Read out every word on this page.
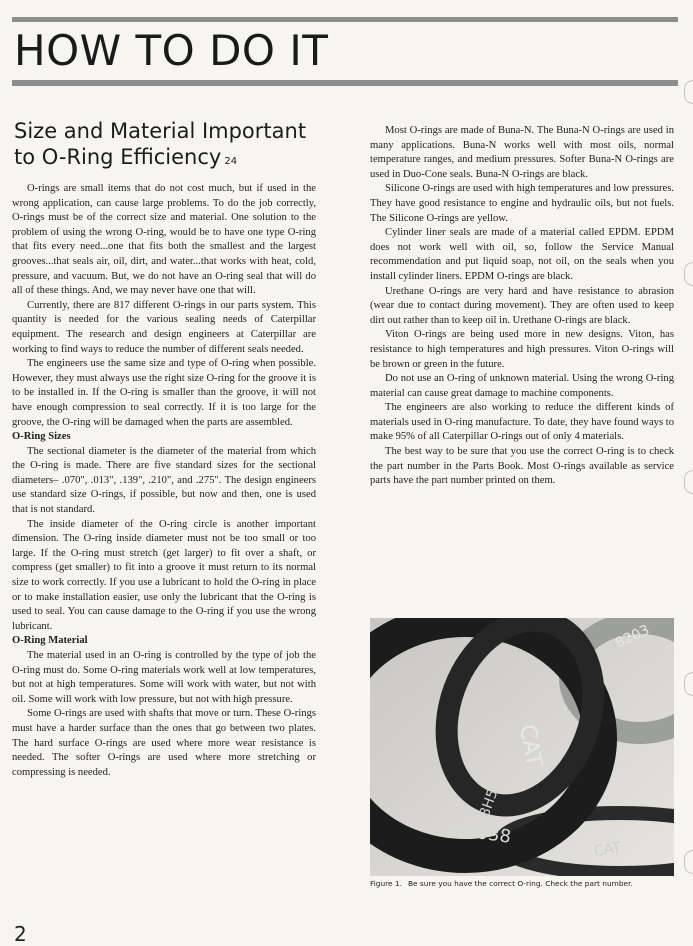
HOW TO DO IT
Size and Material Important to O-Ring Efficiency 24

O-rings are small items that do not cost much, but if used in the wrong application, can cause large problems. To do the job correctly, O-rings must be of the correct size and material. One solution to the problem of using the wrong O-ring, would be to have one type O-ring that fits every need...one that fits both the smallest and the largest grooves...that seals air, oil, dirt, and water...that works with heat, cold, pressure, and vacuum. But, we do not have an O-ring seal that will do all of these things. And, we may never have one that will.

Currently, there are 817 different O-rings in our parts system. This quantity is needed for the various sealing needs of Caterpillar equipment. The research and design engineers at Caterpillar are working to find ways to reduce the number of different seals needed.

The engineers use the same size and type of O-ring when possible. However, they must always use the right size O-ring for the groove it is to be installed in. If the O-ring is smaller than the groove, it will not have enough compression to seal correctly. If it is too large for the groove, the O-ring will be damaged when the parts are assembled.

O-Ring Sizes

The sectional diameter is the diameter of the material from which the O-ring is made. There are five standard sizes for the sectional diameters– .070", .013", .139", .210", and .275". The design engineers use standard size O-rings, if possible, but now and then, one is used that is not standard.

The inside diameter of the O-ring circle is another important dimension. The O-ring inside diameter must not be too small or too large. If the O-ring must stretch (get larger) to fit over a shaft, or compress (get smaller) to fit into a groove it must return to its normal size to work correctly. If you use a lubricant to hold the O-ring in place or to make installation easier, use only the lubricant that the O-ring is used to seal. You can cause damage to the O-ring if you use the wrong lubricant.

O-Ring Material

The material used in an O-ring is controlled by the type of job the O-ring must do. Some O-ring materials work well at low temperatures, but not at high temperatures. Some will work with water, but not with oil. Some will work with low pressure, but not with high pressure.

Some O-rings are used with shafts that move or turn. These O-rings must have a harder surface than the ones that go between two plates. The hard surface O-rings are used where more wear resistance is needed. The softer O-rings are used where more stretching or compressing is needed.

Most O-rings are made of Buna-N. The Buna-N O-rings are used in many applications. Buna-N works well with most oils, normal temperature ranges, and medium pressures. Softer Buna-N O-rings are used in Duo-Cone seals. Buna-N O-rings are black.

Silicone O-rings are used with high temperatures and low pressures. They have good resistance to engine and hydraulic oils, but not fuels. The Silicone O-rings are yellow.

Cylinder liner seals are made of a material called EPDM. EPDM does not work well with oil, so, follow the Service Manual recommendation and put liquid soap, not oil, on the seals when you install cylinder liners. EPDM O-rings are black.

Urethane O-rings are very hard and have resistance to abrasion (wear due to contact during movement). They are often used to keep dirt out rather than to keep oil in. Urethane O-rings are black.

Viton O-rings are being used more in new designs. Viton, has resistance to high temperatures and high pressures. Viton O-rings will be brown or green in the future.

Do not use an O-ring of unknown material. Using the wrong O-ring material can cause great damage to machine components.

The engineers are also working to reduce the different kinds of materials used in O-ring manufacture. To date, they have found ways to make 95% of all Caterpillar O-rings out of only 4 materials.

The best way to be sure that you use the correct O-ring is to check the part number in the Parts Book. Most O-rings available as service parts have the part number printed on them.

CAT
5H8038
8H5
CAT
8203
Figure 1. Be sure you have the correct O-ring. Check the part number.
2
